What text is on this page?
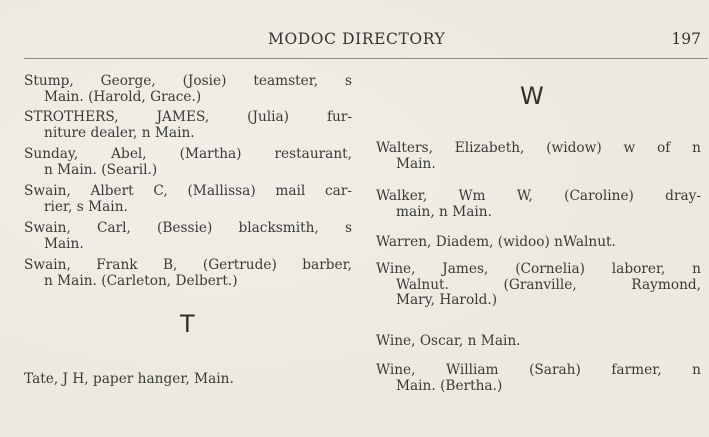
MODOC DIRECTORY	197

Stump, George, (Josie) teamster, s
Main. (Harold, Grace.)

STROTHERS, JAMES, (Julia) fur-
niture dealer, n Main.

Sunday, Abel, (Martha) restaurant,
n Main. (Searil.)

Swain, Albert C, (Mallissa) mail car-
rier, s Main.

Swain, Carl, (Bessie) blacksmith, s
Main.

Swain, Frank B, (Gertrude) barber,
n Main. (Carleton, Delbert.)

T

Tate, J H, paper hanger, Main.

W

Walters, Elizabeth, (widow) w of n
Main.

Walker, Wm W, (Caroline) dray-
main, n Main.

Warren, Diadem, (widoo) nWalnut.

Wine, James, (Cornelia) laborer, n
Walnut. (Granville, Raymond,
Mary, Harold.)

Wine, Oscar, n Main.

Wine, William (Sarah) farmer, n
Main. (Bertha.)
